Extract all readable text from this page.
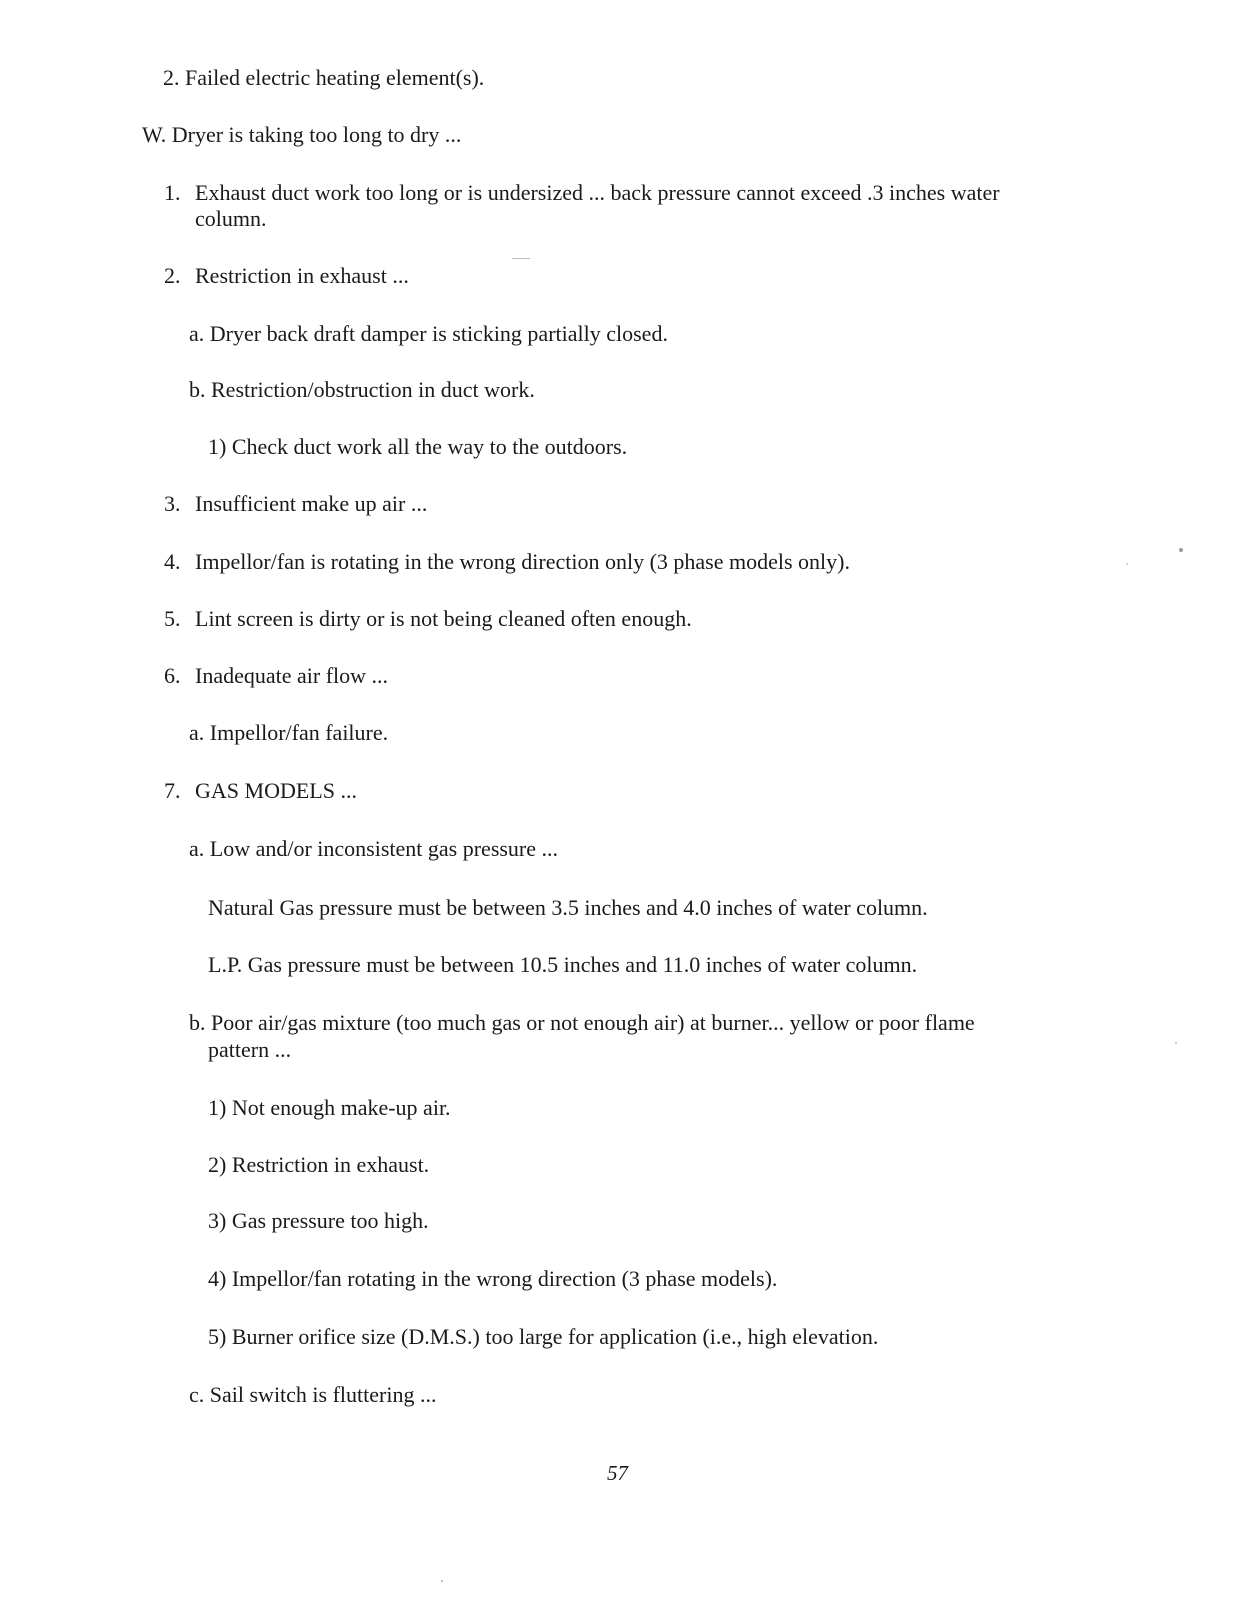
2. Failed electric heating element(s).
W. Dryer is taking too long to dry ...
1. Exhaust duct work too long or is undersized ... back pressure cannot exceed .3 inches water
column.
2. Restriction in exhaust ...
a. Dryer back draft damper is sticking partially closed.
b. Restriction/obstruction in duct work.
1) Check duct work all the way to the outdoors.
3. Insufficient make up air ...
4. Impellor/fan is rotating in the wrong direction only (3 phase models only).
5. Lint screen is dirty or is not being cleaned often enough.
6. Inadequate air flow ...
a. Impellor/fan failure.
7. GAS MODELS ...
a. Low and/or inconsistent gas pressure ...
Natural Gas pressure must be between 3.5 inches and 4.0 inches of water column.
L.P. Gas pressure must be between 10.5 inches and 11.0 inches of water column.
b. Poor air/gas mixture (too much gas or not enough air) at burner... yellow or poor flame
pattern ...
1) Not enough make-up air.
2) Restriction in exhaust.
3) Gas pressure too high.
4) Impellor/fan rotating in the wrong direction (3 phase models).
5) Burner orifice size (D.M.S.) too large for application (i.e., high elevation.
c. Sail switch is fluttering ...
57
